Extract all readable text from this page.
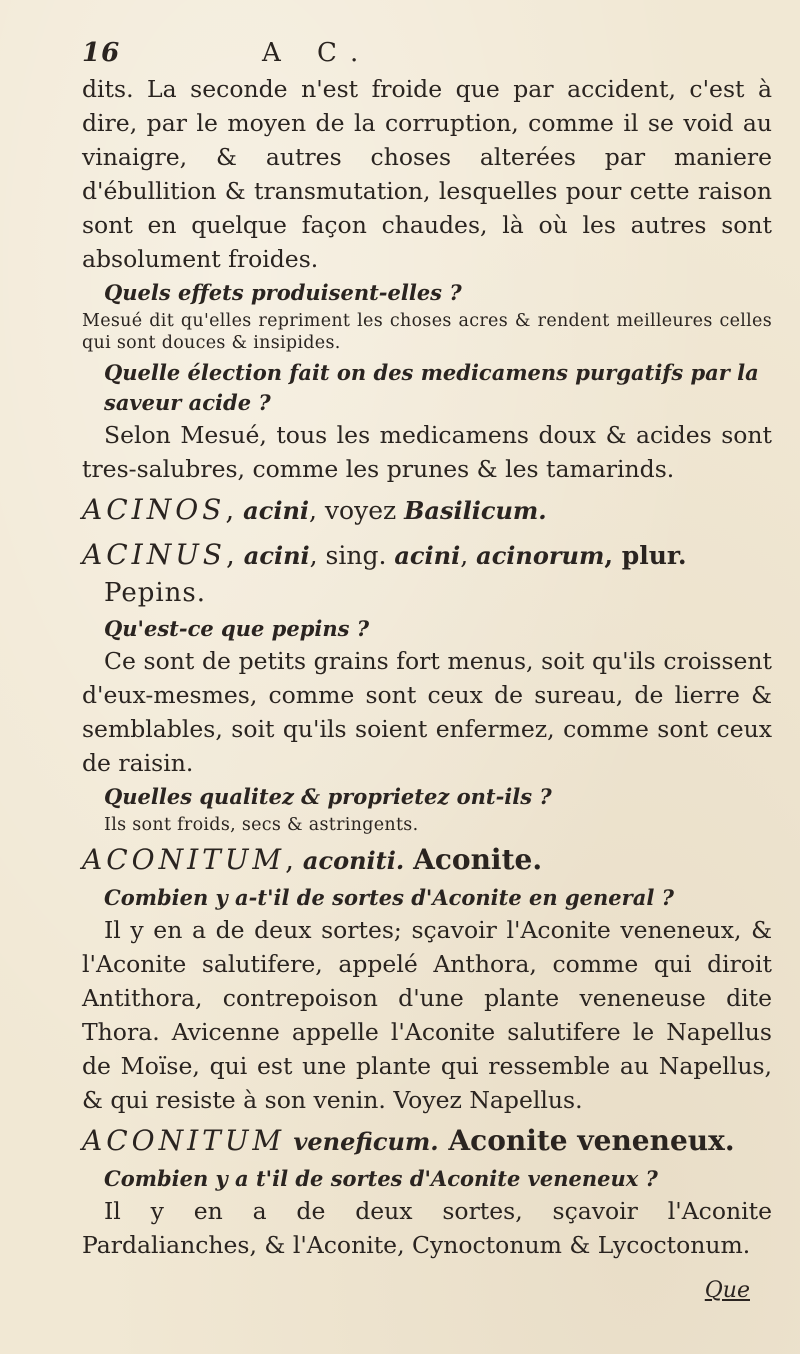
16	A C.

dits. La seconde n'est froide que par accident, c'est à dire, par le moyen de la corruption, comme il se void au vinaigre, & autres choses alterées par maniere d'ébullition & transmutation, lesquelles pour cette raison sont en quelque façon chaudes, là où les autres sont absolument froides.

Quels effets produisent-elles ?

Mesué dit qu'elles repriment les choses acres & rendent meilleures celles qui sont douces & insipides.

Quelle élection fait on des medicamens purgatifs par la saveur acide ?

Selon Mesué, tous les medicamens doux & acides sont tres-salubres, comme les prunes & les tamarinds.

ACINOS, acini, voyez Basilicum.

ACINUS, acini, sing. acini, acinorum, plur.

Pepins.

Qu'est-ce que pepins ?

Ce sont de petits grains fort menus, soit qu'ils croissent d'eux-mesmes, comme sont ceux de sureau, de lierre & semblables, soit qu'ils soient enfermez, comme sont ceux de raisin.

Quelles qualitez & proprietez ont-ils ?

Ils sont froids, secs & astringents.

ACONITUM, aconiti. Aconite.

Combien y a-t'il de sortes d'Aconite en general ?

Il y en a de deux sortes; sçavoir l'Aconite veneneux, & l'Aconite salutifere, appelé Anthora, comme qui diroit Antithora, contrepoison d'une plante veneneuse dite Thora. Avicenne appelle l'Aconite salutifere le Napellus de Moïse, qui est une plante qui ressemble au Napellus, & qui resiste à son venin. Voyez Napellus.

ACONITUM veneficum. Aconite veneneux.

Combien y a t'il de sortes d'Aconite veneneux ?

Il y en a de deux sortes, sçavoir l'Aconite Pardalianches, & l'Aconite, Cynoctonum & Lycoctonum.

Que
